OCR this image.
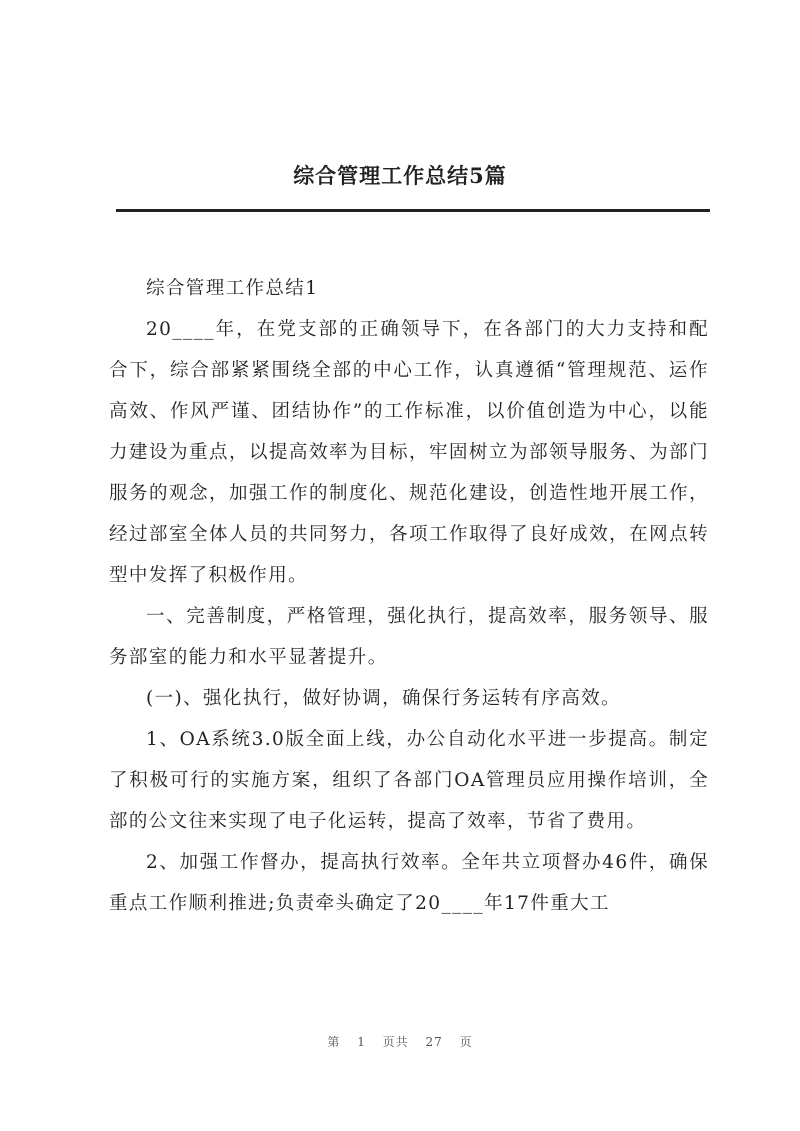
综合管理工作总结5篇

综合管理工作总结1

20____年，在党支部的正确领导下，在各部门的大力支持和配合下，综合部紧紧围绕全部的中心工作，认真遵循“管理规范、运作高效、作风严谨、团结协作”的工作标准，以价值创造为中心，以能力建设为重点，以提高效率为目标，牢固树立为部领导服务、为部门服务的观念，加强工作的制度化、规范化建设，创造性地开展工作，经过部室全体人员的共同努力，各项工作取得了良好成效，在网点转型中发挥了积极作用。

一、完善制度，严格管理，强化执行，提高效率，服务领导、服务部室的能力和水平显著提升。

(一)、强化执行，做好协调，确保行务运转有序高效。

1、OA系统3.0版全面上线，办公自动化水平进一步提高。制定了积极可行的实施方案，组织了各部门OA管理员应用操作培训，全部的公文往来实现了电子化运转，提高了效率，节省了费用。

2、加强工作督办，提高执行效率。全年共立项督办46件，确保重点工作顺利推进;负责牵头确定了20____年17件重大工

第 1 页共 27 页
